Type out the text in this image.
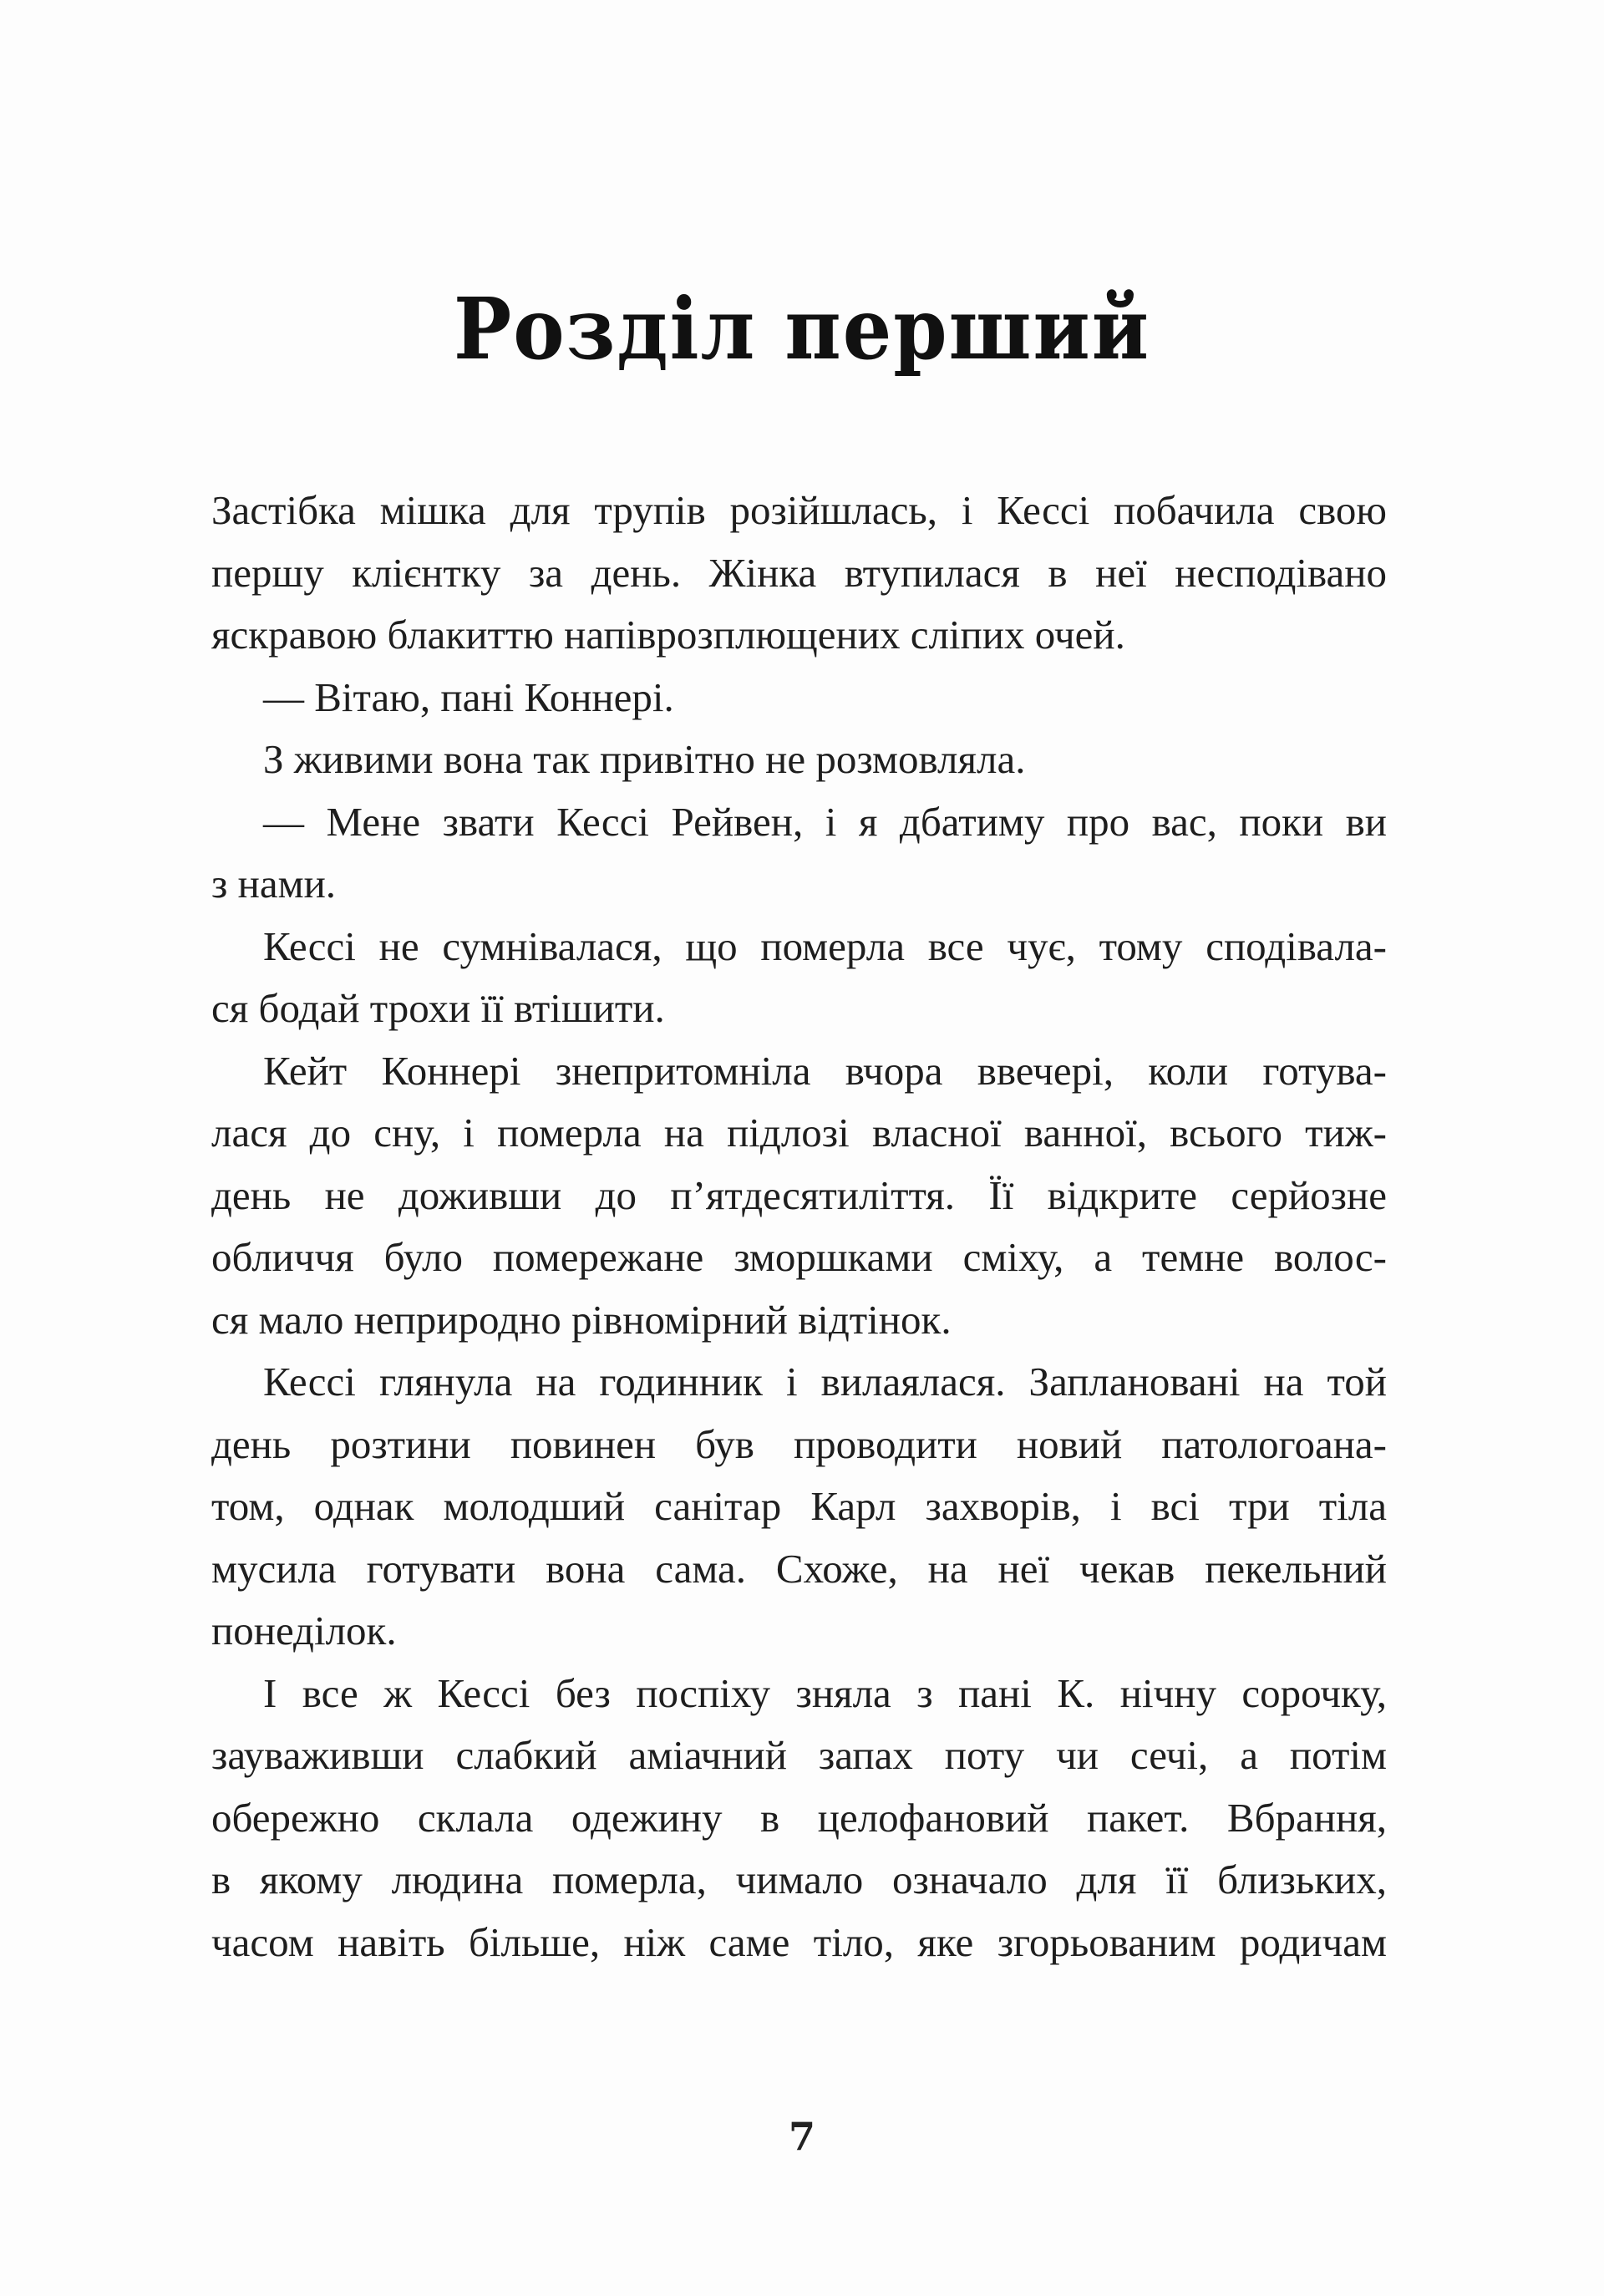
Розділ перший
Застібка мішка для трупів розійшлась, і Кессі побачила свою
першу клієнтку за день. Жінка втупилася в неї несподівано
яскравою блакиттю напіврозплющених сліпих очей.
— Вітаю, пані Коннері.
З живими вона так привітно не розмовляла.
— Мене звати Кессі Рейвен, і я дбатиму про вас, поки ви
з нами.
Кессі не сумнівалася, що померла все чує, тому сподівала-
ся бодай трохи її втішити.
Кейт Коннері знепритомніла вчора ввечері, коли готува-
лася до сну, і померла на підлозі власної ванної, всього тиж-
день не доживши до п’ятдесятиліття. Її відкрите серйозне
обличчя було помережане зморшками сміху, а темне волос-
ся мало неприродно рівномірний відтінок.
Кессі глянула на годинник і вилаялася. Заплановані на той
день розтини повинен був проводити новий патологоана-
том, однак молодший санітар Карл захворів, і всі три тіла
мусила готувати вона сама. Схоже, на неї чекав пекельний
понеділок.
І все ж Кессі без поспіху зняла з пані К. нічну сорочку,
зауваживши слабкий аміачний запах поту чи сечі, а потім
обережно склала одежину в целофановий пакет. Вбрання,
в якому людина померла, чимало означало для її близьких,
часом навіть більше, ніж саме тіло, яке згорьованим родичам
7
